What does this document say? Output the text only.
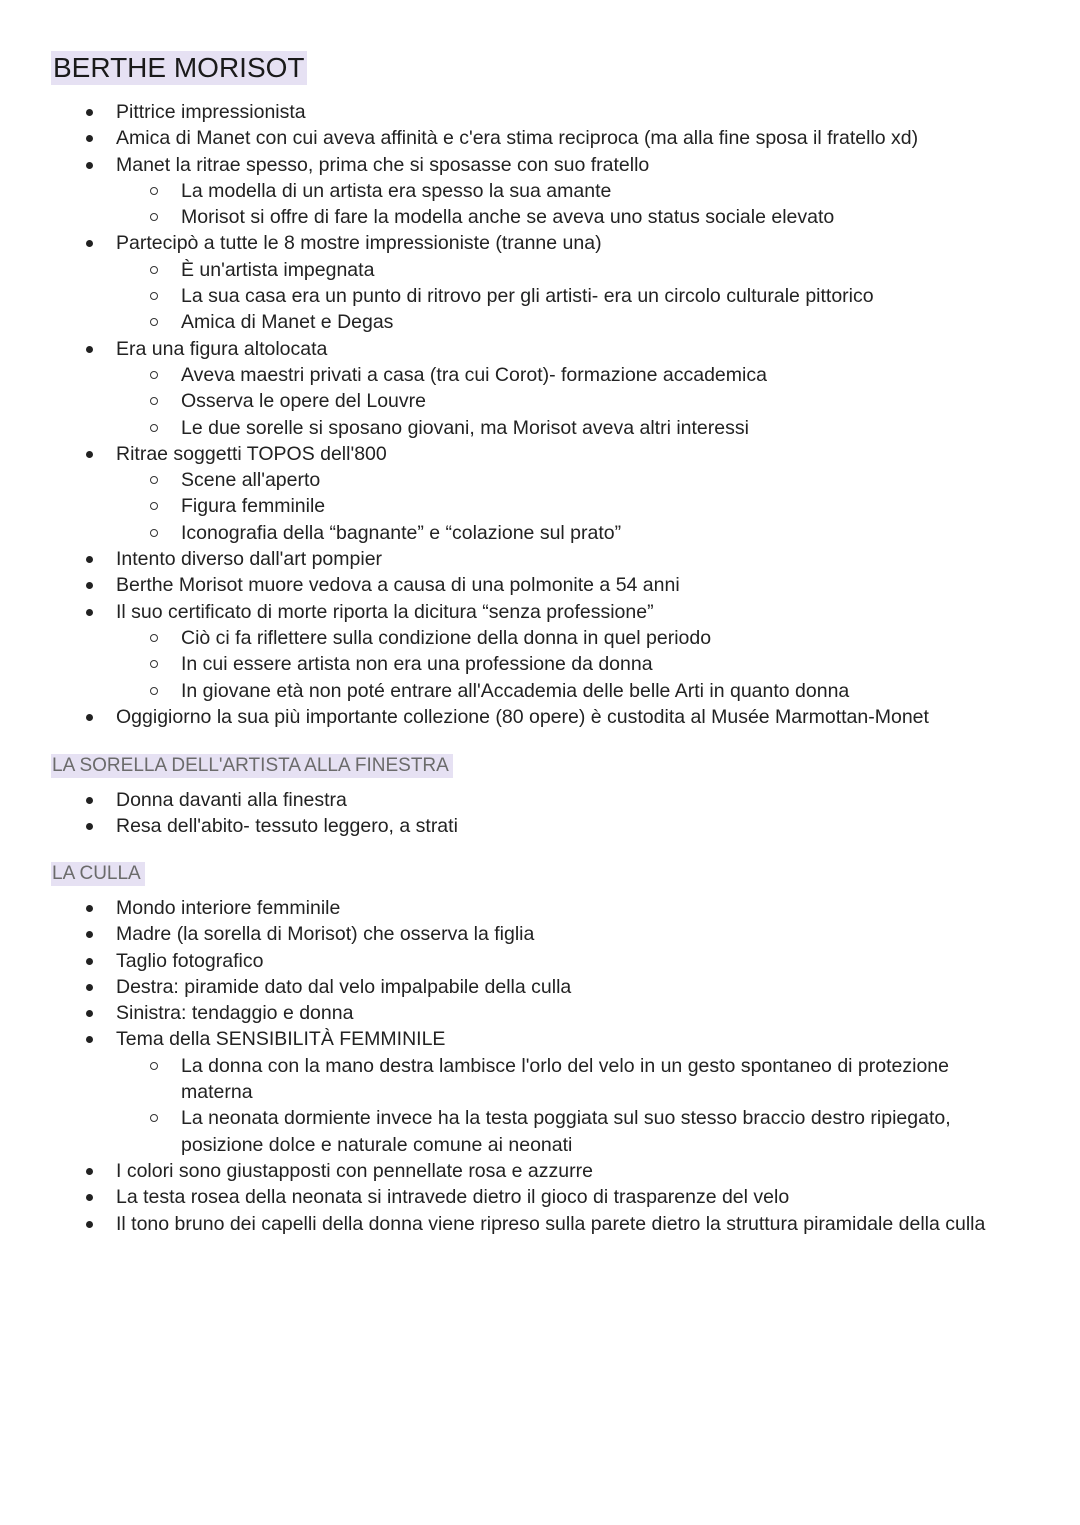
BERTHE MORISOT
Pittrice impressionista
Amica di Manet con cui aveva affinità e c'era stima reciproca (ma alla fine sposa il fratello xd)
Manet la ritrae spesso, prima che si sposasse con suo fratello
La modella di un artista era spesso la sua amante
Morisot si offre di fare la modella anche se aveva uno status sociale elevato
Partecipò a tutte le 8 mostre impressioniste (tranne una)
È un'artista impegnata
La sua casa era un punto di ritrovo per gli artisti- era un circolo culturale pittorico
Amica di Manet e Degas
Era una figura altolocata
Aveva maestri privati a casa (tra cui Corot)- formazione accademica
Osserva le opere del Louvre
Le due sorelle si sposano giovani, ma Morisot aveva altri interessi
Ritrae soggetti TOPOS dell'800
Scene all'aperto
Figura femminile
Iconografia della “bagnante” e “colazione sul prato”
Intento diverso dall'art pompier
Berthe Morisot muore vedova a causa di una polmonite a 54 anni
Il suo certificato di morte riporta la dicitura “senza professione”
Ciò ci fa riflettere sulla condizione della donna in quel periodo
In cui essere artista non era una professione da donna
In giovane età non poté entrare all'Accademia delle belle Arti in quanto donna
Oggigiorno la sua più importante collezione (80 opere) è custodita al Musée Marmottan-Monet
LA SORELLA DELL'ARTISTA ALLA FINESTRA
Donna davanti alla finestra
Resa dell'abito- tessuto leggero, a strati
LA CULLA
Mondo interiore femminile
Madre (la sorella di Morisot) che osserva la figlia
Taglio fotografico
Destra: piramide dato dal velo impalpabile della culla
Sinistra: tendaggio e donna
Tema della SENSIBILITÀ FEMMINILE
La donna con la mano destra lambisce l'orlo del velo in un gesto spontaneo di protezione materna
La neonata dormiente invece ha la testa poggiata sul suo stesso braccio destro ripiegato, posizione dolce e naturale comune ai neonati
I colori sono giustapposti con pennellate rosa e azzurre
La testa rosea della neonata si intravede dietro il gioco di trasparenze del velo
Il tono bruno dei capelli della donna viene ripreso sulla parete dietro la struttura piramidale della culla
